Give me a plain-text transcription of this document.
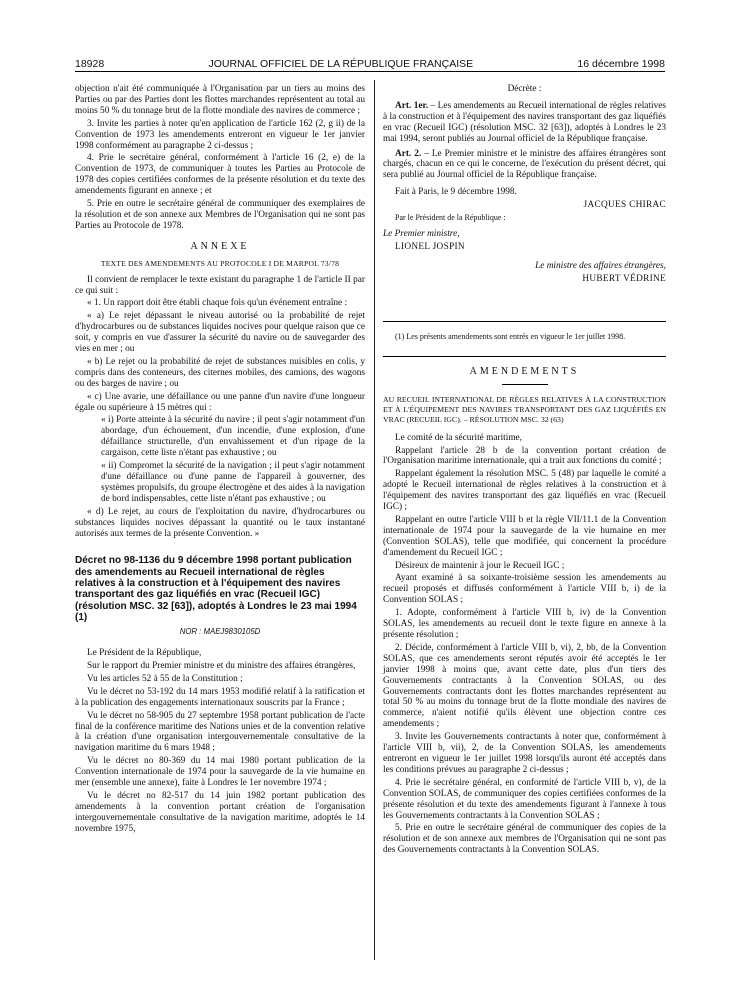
18928	JOURNAL OFFICIEL DE LA RÉPUBLIQUE FRANÇAISE	16 décembre 1998

objection n'ait été communiquée à l'Organisation par un tiers au moins des Parties ou par des Parties dont les flottes marchandes représentent au total au moins 50 % du tonnage brut de la flotte mondiale des navires de commerce ;

3. Invite les parties à noter qu'en application de l'article 162 (2, g ii) de la Convention de 1973 les amendements entreront en vigueur le 1er janvier 1998 conformément au paragraphe 2 ci-dessus ;

4. Prie le secrétaire général, conformément à l'article 16 (2, e) de la Convention de 1973, de communiquer à toutes les Parties au Protocole de 1978 des copies certifiées conformes de la présente résolution et du texte des amendements figurant en annexe ; et

5. Prie en outre le secrétaire général de communiquer des exemplaires de la résolution et de son annexe aux Membres de l'Organisation qui ne sont pas Parties au Protocole de 1978.

ANNEXE
TEXTE DES AMENDEMENTS AU PROTOCOLE I DE MARPOL 73/78

Il convient de remplacer le texte existant du paragraphe 1 de l'article II par ce qui suit :

« 1. Un rapport doit être établi chaque fois qu'un événement entraîne :

« a) Le rejet dépassant le niveau autorisé ou la probabilité de rejet d'hydrocarbures ou de substances liquides nocives pour quelque raison que ce soit, y compris en vue d'assurer la sécurité du navire ou de sauvegarder des vies en mer ; ou

« b) Le rejet ou la probabilité de rejet de substances nuisibles en colis, y compris dans des conteneurs, des citernes mobiles, des camions, des wagons ou des barges de navire ; ou

« c) Une avarie, une défaillance ou une panne d'un navire d'une longueur égale ou supérieure à 15 mètres qui :

« i) Porte atteinte à la sécurité du navire ; il peut s'agir notamment d'un abordage, d'un échouement, d'un incendie, d'une explosion, d'une défaillance structurelle, d'un envahissement et d'un ripage de la cargaison, cette liste n'étant pas exhaustive ; ou

« ii) Compromet la sécurité de la navigation ; il peut s'agir notamment d'une défaillance ou d'une panne de l'appareil à gouverner, des systèmes propulsifs, du groupe électrogène et des aides à la navigation de bord indispensables, cette liste n'étant pas exhaustive ; ou

« d) Le rejet, au cours de l'exploitation du navire, d'hydrocarbures ou substances liquides nocives dépassant la quantité ou le taux instantané autorisés aux termes de la présente Convention. »

Décret no 98-1136 du 9 décembre 1998 portant publication des amendements au Recueil international de règles relatives à la construction et à l'équipement des navires transportant des gaz liquéfiés en vrac (Recueil IGC) (résolution MSC. 32 [63]), adoptés à Londres le 23 mai 1994 (1)
NOR : MAEJ9830105D

Le Président de la République,

Sur le rapport du Premier ministre et du ministre des affaires étrangères,

Vu les articles 52 à 55 de la Constitution ;

Vu le décret no 53-192 du 14 mars 1953 modifié relatif à la ratification et à la publication des engagements internationaux souscrits par la France ;

Vu le décret no 58-905 du 27 septembre 1958 portant publication de l'acte final de la conférence maritime des Nations unies et de la convention relative à la création d'une organisation intergouvernementale consultative de la navigation maritime du 6 mars 1948 ;

Vu le décret no 80-369 du 14 mai 1980 portant publication de la Convention internationale de 1974 pour la sauvegarde de la vie humaine en mer (ensemble une annexe), faite à Londres le 1er novembre 1974 ;

Vu le décret no 82-517 du 14 juin 1982 portant publication des amendements à la convention portant création de l'organisation intergouvernementale consultative de la navigation maritime, adoptés le 14 novembre 1975,

Décrète :

Art. 1er. – Les amendements au Recueil international de règles relatives à la construction et à l'équipement des navires transportant des gaz liquéfiés en vrac (Recueil IGC) (résolution MSC. 32 [63]), adoptés à Londres le 23 mai 1994, seront publiés au Journal officiel de la République française.

Art. 2. – Le Premier ministre et le ministre des affaires étrangères sont chargés, chacun en ce qui le concerne, de l'exécution du présent décret, qui sera publié au Journal officiel de la République française.

Fait à Paris, le 9 décembre 1998.

JACQUES CHIRAC

Par le Président de la République :

Le Premier ministre,

LIONEL JOSPIN

Le ministre des affaires étrangères,

HUBERT VÉDRINE

(1) Les présents amendements sont entrés en vigueur le 1er juillet 1998.

AMENDEMENTS
AU RECUEIL INTERNATIONAL DE RÈGLES RELATIVES À LA CONSTRUCTION ET À L'ÉQUIPEMENT DES NAVIRES TRANSPORTANT DES GAZ LIQUÉFIÉS EN VRAC (RECUEIL IGC). – RÉSOLUTION MSC. 32 (63)

Le comité de la sécurité maritime,

Rappelant l'article 28 b de la convention portant création de l'Organisation maritime internationale, qui a trait aux fonctions du comité ;

Rappelant également la résolution MSC. 5 (48) par laquelle le comité a adopté le Recueil international de règles relatives à la construction et à l'équipement des navires transportant des gaz liquéfiés en vrac (Recueil IGC) ;

Rappelant en outre l'article VIII b et la règle VII/11.1 de la Convention internationale de 1974 pour la sauvegarde de la vie humaine en mer (Convention SOLAS), telle que modifiée, qui concernent la procédure d'amendement du Recueil IGC ;

Désireux de maintenir à jour le Recueil IGC ;

Ayant examiné à sa soixante-troisième session les amendements au recueil proposés et diffusés conformément à l'article VIII b, i) de la Convention SOLAS ;

1. Adopte, conformément à l'article VIII b, iv) de la Convention SOLAS, les amendements au recueil dont le texte figure en annexe à la présente résolution ;

2. Décide, conformément à l'article VIII b, vi), 2, bb, de la Convention SOLAS, que ces amendements seront réputés avoir été acceptés le 1er janvier 1998 à moins que, avant cette date, plus d'un tiers des Gouvernements contractants à la Convention SOLAS, ou des Gouvernements contractants dont les flottes marchandes représentent au total 50 % au moins du tonnage brut de la flotte mondiale des navires de commerce, n'aient notifié qu'ils élèvent une objection contre ces amendements ;

3. Invite les Gouvernements contractants à noter que, conformément à l'article VIII b, vii), 2, de la Convention SOLAS, les amendements entreront en vigueur le 1er juillet 1998 lorsqu'ils auront été acceptés dans les conditions prévues au paragraphe 2 ci-dessus ;

4. Prie le secrétaire général, en conformité de l'article VIII b, v), de la Convention SOLAS, de communiquer des copies certifiées conformes de la présente résolution et du texte des amendements figurant à l'annexe à tous les Gouvernements contractants à la Convention SOLAS ;

5. Prie en outre le secrétaire général de communiquer des copies de la résolution et de son annexe aux membres de l'Organisation qui ne sont pas des Gouvernements contractants à la Convention SOLAS.
